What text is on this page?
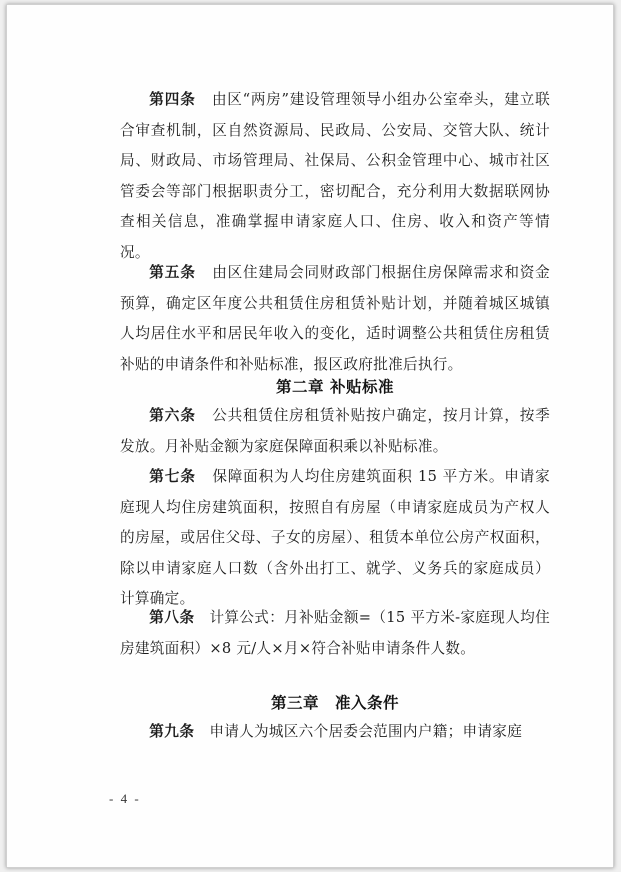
第四条 由区“两房”建设管理领导小组办公室牵头，建立联合审查机制，区自然资源局、民政局、公安局、交管大队、统计局、财政局、市场管理局、社保局、公积金管理中心、城市社区管委会等部门根据职责分工，密切配合，充分利用大数据联网协查相关信息，准确掌握申请家庭人口、住房、收入和资产等情况。

第五条 由区住建局会同财政部门根据住房保障需求和资金预算，确定区年度公共租赁住房租赁补贴计划，并随着城区城镇人均居住水平和居民年收入的变化，适时调整公共租赁住房租赁补贴的申请条件和补贴标准，报区政府批准后执行。

第二章 补贴标准

第六条 公共租赁住房租赁补贴按户确定，按月计算，按季发放。月补贴金额为家庭保障面积乘以补贴标准。

第七条 保障面积为人均住房建筑面积 15 平方米。申请家庭现人均住房建筑面积，按照自有房屋（申请家庭成员为产权人的房屋，或居住父母、子女的房屋）、租赁本单位公房产权面积，除以申请家庭人口数（含外出打工、就学、义务兵的家庭成员）计算确定。

第八条 计算公式：月补贴金额=（15 平方米-家庭现人均住房建筑面积）×8 元/人×月×符合补贴申请条件人数。

第三章　准入条件

第九条 申请人为城区六个居委会范围内户籍；申请家庭

- 4 -
